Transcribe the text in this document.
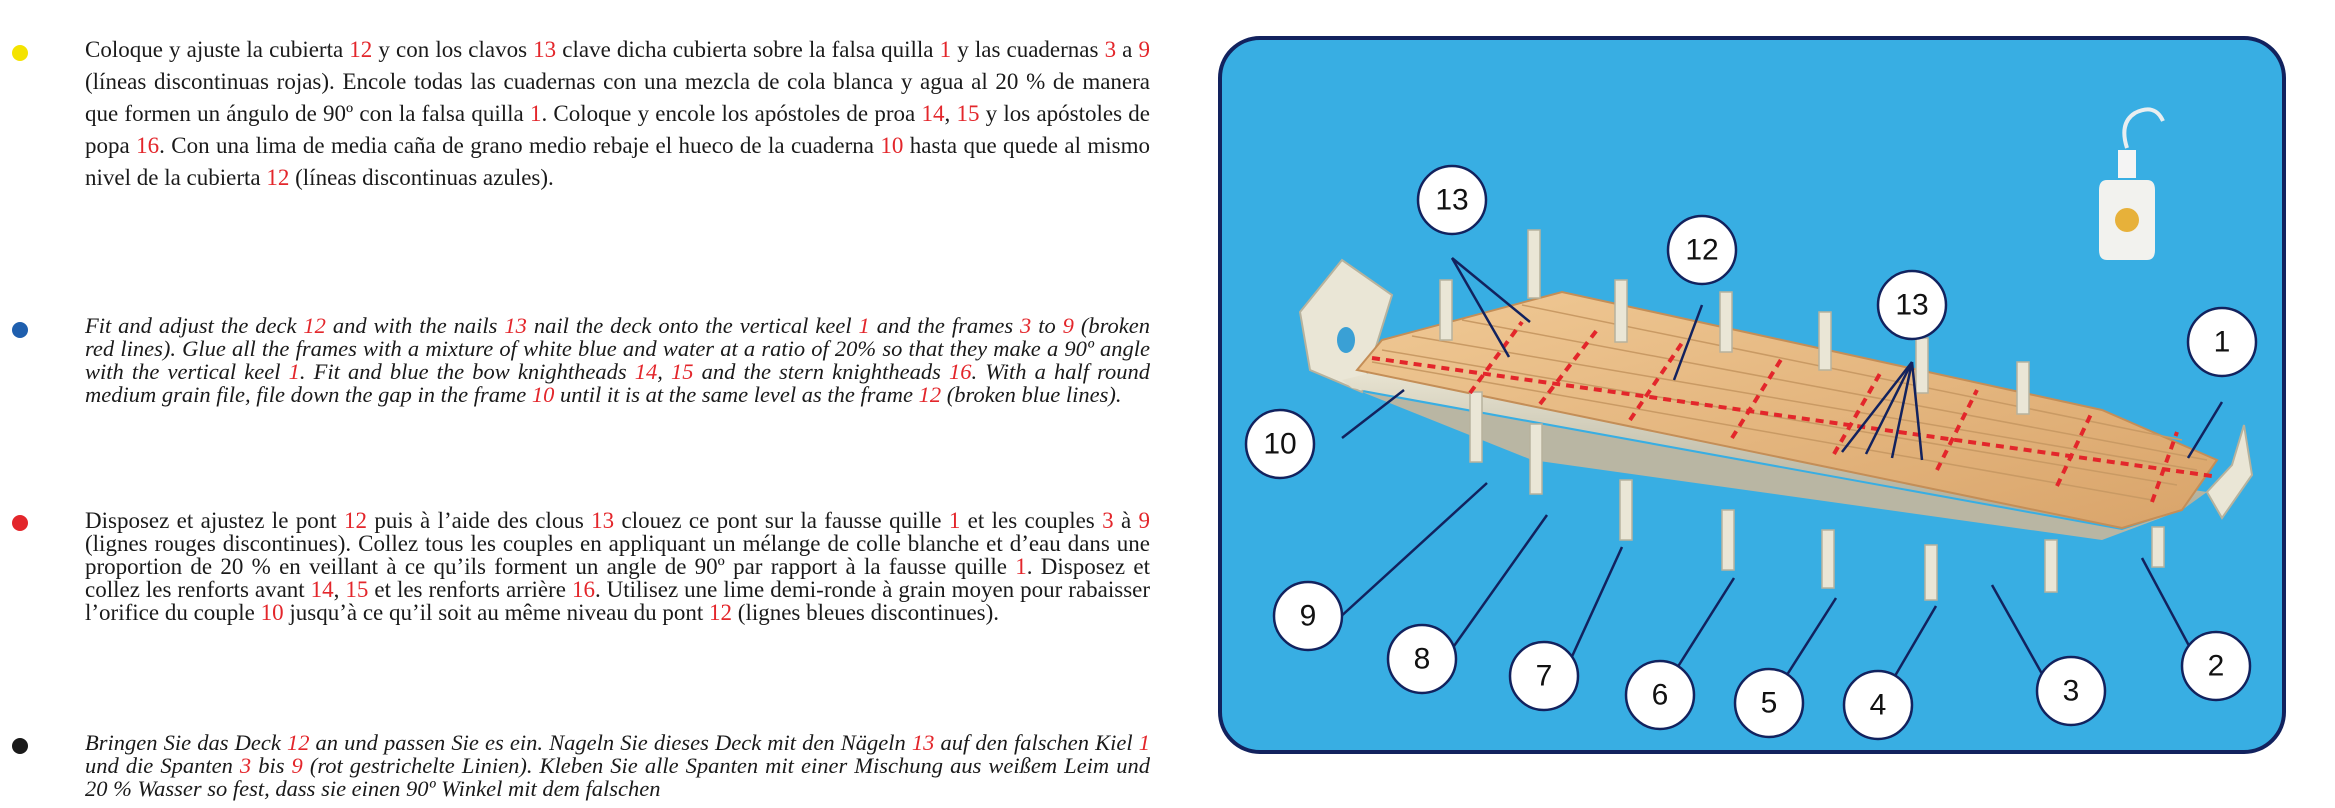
Coloque y ajuste la cubierta 12 y con los clavos 13 clave dicha cubierta sobre la falsa quilla 1 y las cuadernas 3 a 9 (líneas discontinuas rojas). Encole todas las cuadernas con una mezcla de cola blanca y agua al 20 % de manera que formen un ángulo de 90º con la falsa quilla 1. Coloque y encole los apóstoles de proa 14, 15 y los apóstoles de popa 16. Con una lima de media caña de grano medio rebaje el hueco de la cuaderna 10 hasta que quede al mismo nivel de la cubierta 12 (líneas discontinuas azules).
Fit and adjust the deck 12 and with the nails 13 nail the deck onto the vertical keel 1 and the frames 3 to 9 (broken red lines). Glue all the frames with a mixture of white blue and water at a ratio of 20% so that they make a 90º angle with the vertical keel 1. Fit and blue the bow knightheads 14, 15 and the stern knightheads 16. With a half round medium grain file, file down the gap in the frame 10 until it is at the same level as the frame 12 (broken blue lines).
Disposez et ajustez le pont 12 puis à l’aide des clous 13 clouez ce pont sur la fausse quille 1 et les couples 3 à 9 (lignes rouges discontinues). Collez tous les couples en appliquant un mélange de colle blanche et d’eau dans une proportion de 20 % en veillant à ce qu’ils forment un angle de 90º par rapport à la fausse quille 1. Disposez et collez les renforts avant 14, 15 et les renforts arrière 16. Utilisez une lime demi-ronde à grain moyen pour rabaisser l’orifice du couple 10 jusqu’à ce qu’il soit au même niveau du pont 12 (lignes bleues discontinues).
Bringen Sie das Deck 12 an und passen Sie es ein. Nageln Sie dieses Deck mit den Nägeln 13 auf den falschen Kiel 1 und die Spanten 3 bis 9 (rot gestrichelte Linien). Kleben Sie alle Spanten mit einer Mischung aus weißem Leim und 20 % Wasser so fest, dass sie einen 90º Winkel mit dem falschen
13
12
13
1
10
9
8
7
6	5	4	3
2
